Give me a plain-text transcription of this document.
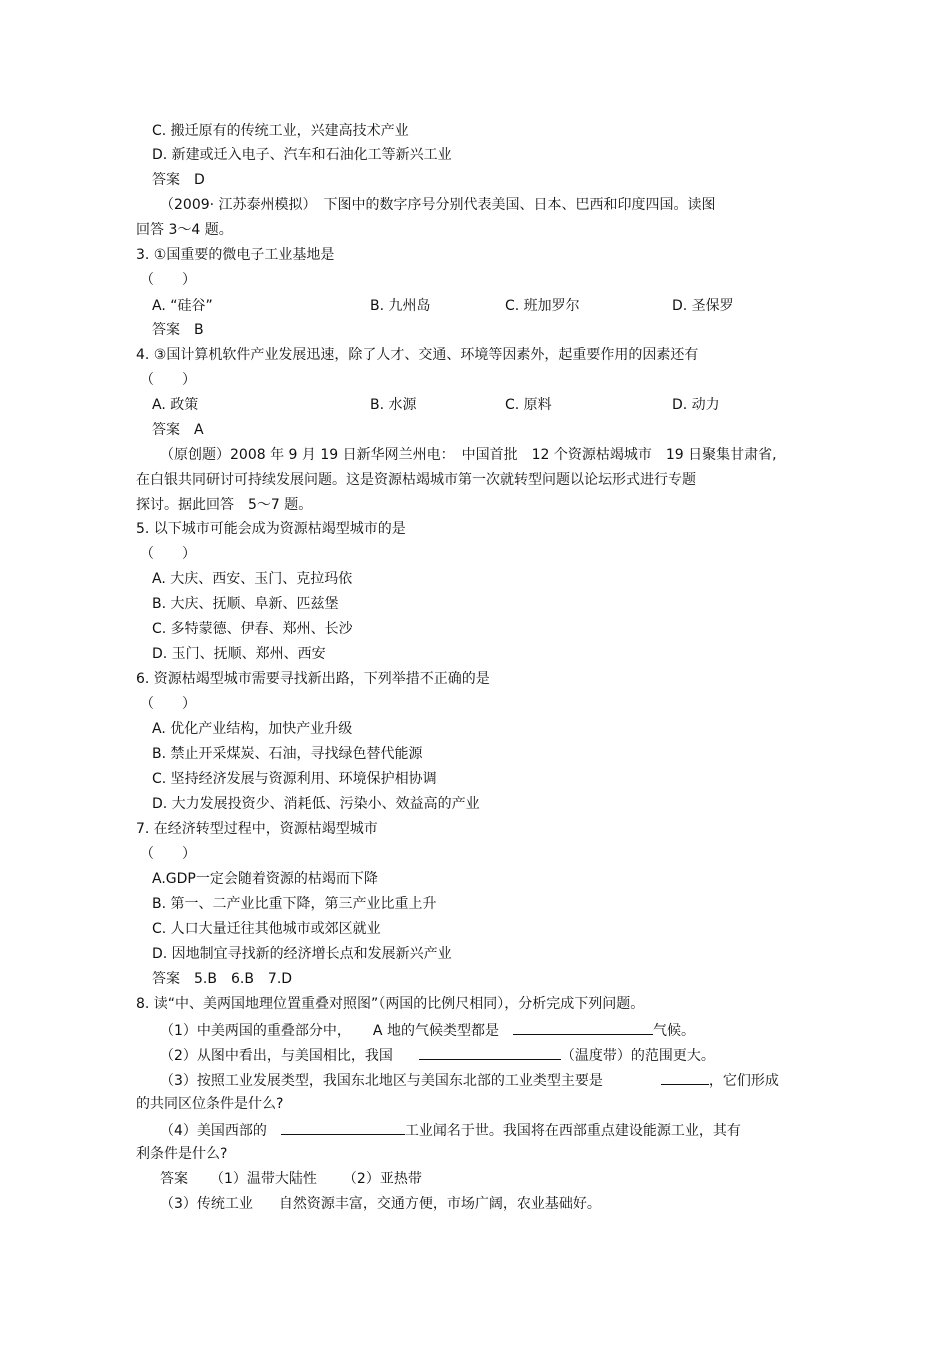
C. 搬迁原有的传统工业，兴建高技术产业
D. 新建或迁入电子、汽车和石油化工等新兴工业
答案　D
（2009· 江苏泰州模拟）　下图中的数字序号分别代表美国、日本、巴西和印度四国。读图
回答 3～4 题。
3. ①国重要的微电子工业基地是
（　　）
A. “硅谷”	B. 九州岛	C. 班加罗尔	D. 圣保罗
答案　B
4. ③国计算机软件产业发展迅速，除了人才、交通、环境等因素外，起重要作用的因素还有
（　　）
A. 政策	B. 水源	C. 原料	D. 动力
答案　A
（原创题）2008 年 9 月 19 日新华网兰州电：　中国首批　12 个资源枯竭城市　19 日聚集甘肃省,
在白银共同研讨可持续发展问题。这是资源枯竭城市第一次就转型问题以论坛形式进行专题
探讨。据此回答　5～7 题。
5. 以下城市可能会成为资源枯竭型城市的是
（　　）
A. 大庆、西安、玉门、克拉玛依
B. 大庆、抚顺、阜新、匹兹堡
C. 多特蒙德、伊春、郑州、长沙
D. 玉门、抚顺、郑州、西安
6. 资源枯竭型城市需要寻找新出路，下列举措不正确的是
（　　）
A. 优化产业结构，加快产业升级
B. 禁止开采煤炭、石油，寻找绿色替代能源
C. 坚持经济发展与资源利用、环境保护相协调
D. 大力发展投资少、消耗低、污染小、效益高的产业
7. 在经济转型过程中，资源枯竭型城市
（　　）
A.GDP一定会随着资源的枯竭而下降
B. 第一、二产业比重下降，第三产业比重上升
C. 人口大量迁往其他城市或郊区就业
D. 因地制宜寻找新的经济增长点和发展新兴产业
答案　5.B　6.B　7.D
8. 读“中、美两国地理位置重叠对照图”（两国的比例尺相同），分析完成下列问题。
（1）中美两国的重叠部分中， A 地的气候类型都是	气候。
（2）从图中看出，与美国相比，我国	（温度带）的范围更大。
（3）按照工业发展类型，我国东北地区与美国东北部的工业类型主要是	，它们形成
的共同区位条件是什么?
（4）美国西部的	工业闻名于世。我国将在西部重点建设能源工业，其有
利条件是什么?
答案 （1）温带大陆性 （2）亚热带
（3）传统工业 自然资源丰富，交通方便，市场广阔，农业基础好。
